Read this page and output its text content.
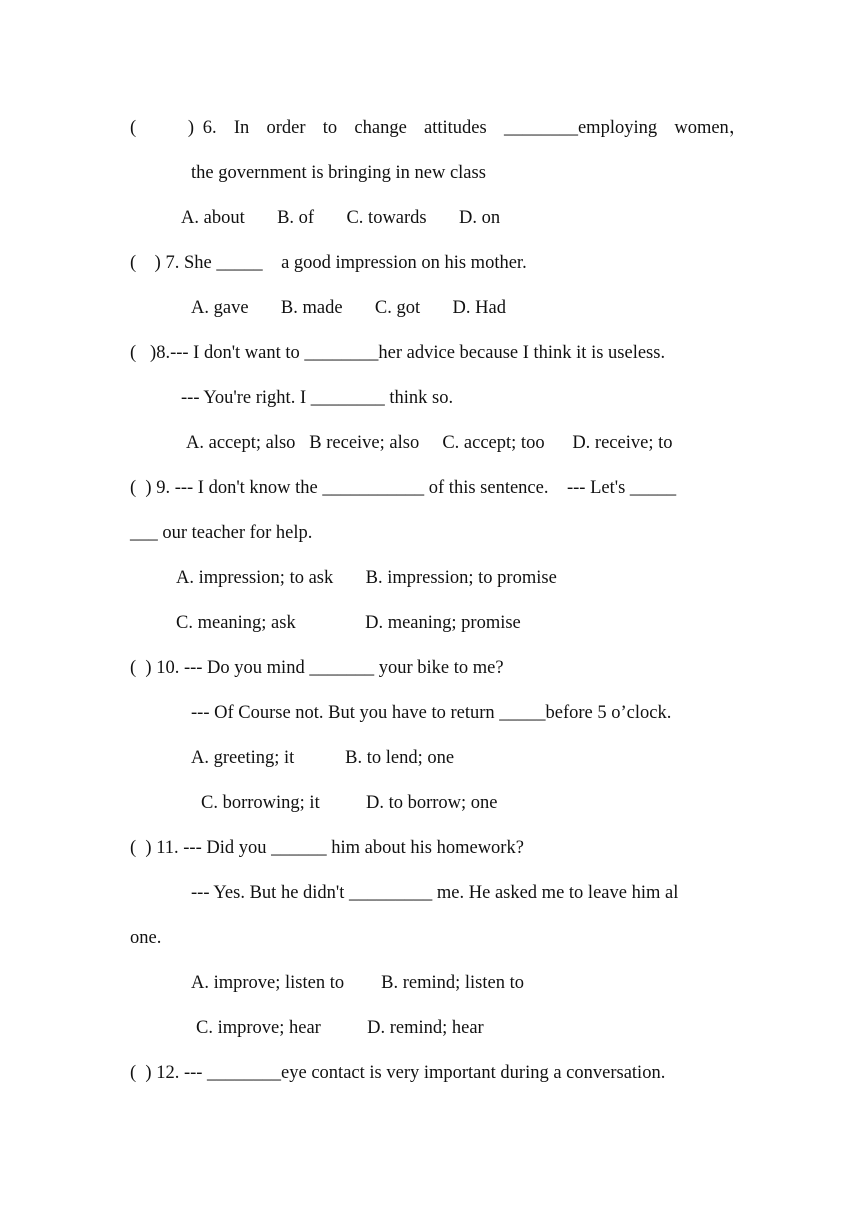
(      ) 6.  In  order  to  change  attitudes  ________employing  women，
the government is bringing in new class
A. about       B. of       C. towards       D. on
(    ) 7. She _____    a good impression on his mother.
A. gave       B. made       C. got       D. Had
(   )8.--- I don't want to ________her advice because I think it is useless.
--- You're right. I ________ think so.
A. accept; also   B receive; also     C. accept; too      D. receive; to
(  ) 9. --- I don't know the ___________ of this sentence.    --- Let's _____
___ our teacher for help.
A. impression; to ask       B. impression; to promise
C. meaning; ask               D. meaning; promise
(  ) 10. --- Do you mind _______ your bike to me?
--- Of Course not. But you have to return _____before 5 o’clock.
A. greeting; it           B. to lend; one
C. borrowing; it          D. to borrow; one
(  ) 11. --- Did you ______ him about his homework?
--- Yes. But he didn't _________ me. He asked me to leave him al
one.
A. improve; listen to        B. remind; listen to
C. improve; hear          D. remind; hear
(  ) 12. --- ________eye contact is very important during a conversation.
